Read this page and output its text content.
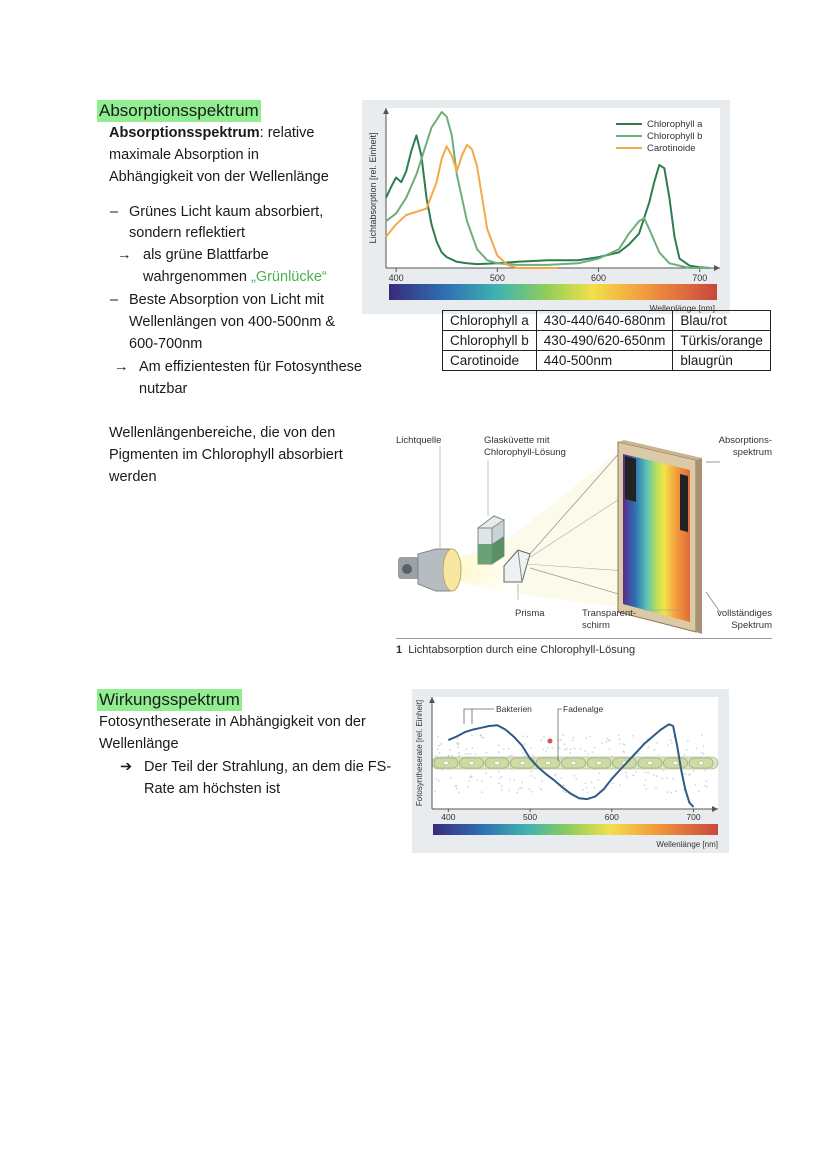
Absorptionsspektrum
Absorptionsspektrum: relative
maximale Absorption in
Abhängigkeit von der Wellenlänge
– Grünes Licht kaum absorbiert,
sondern reflektiert
→ als grüne Blattfarbe
wahrgenommen „Grünlücke“
– Beste Absorption von Licht mit
Wellenlängen von 400-500nm &
600-700nm
→ Am effizientesten für Fotosynthese
nutzbar
Wellenlängenbereiche, die von den
Pigmenten im Chlorophyll absorbiert
werden
400	500	600	700
Lichtabsorption [rel. Einheit]
Wellenlänge [nm]
Chlorophyll a
Chlorophyll b
Carotinoide
Chlorophyll a	430-440/640-680nm	Blau/rot
Chlorophyll b	430-490/620-650nm	Türkis/orange
Carotinoide	440-500nm	blaugrün
Lichtquelle	Glasküvette mit
Chlorophyll-Lösung
Absorptions-
spektrum
Prisma	Transparent-
schirm
vollständiges
Spektrum
1 Lichtabsorption durch eine Chlorophyll-Lösung
Wirkungsspektrum
Fotosyntheserate in Abhängigkeit von der
Wellenlänge
➔ Der Teil der Strahlung, an dem die FS-
Rate am höchsten ist
400	500	600	700
Bakterien	Fadenalge
Fotosyntheserate [rel. Einheit]
Wellenlänge [nm]
